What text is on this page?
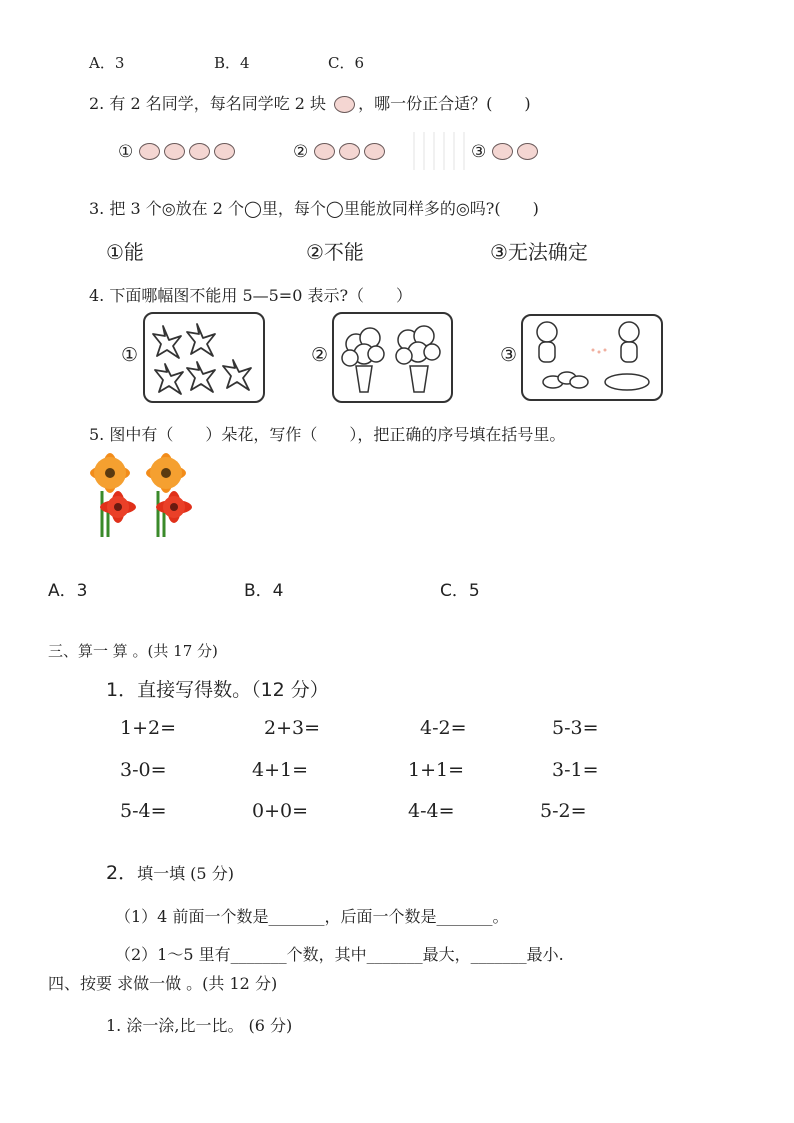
A．3	B．4	C．6
2. 有 2 名同学，每名同学吃 2 块 ，哪一份正合适？(　　)
①	②	③
3. 把 3 个◎放在 2 个◯里，每个◯里能放同样多的◎吗?(　　)
①能	②不能	③无法确定
4. 下面哪幅图不能用 5—5=0 表示?（　　）
①	②	③
5. 图中有（　　）朵花，写作（　　），把正确的序号填在括号里。
A．3	B．4	C．5
三、算一 算 。(共 17 分)
1．直接写得数。（12 分）
1+2=	2+3=	4-2=	5-3=
3-0=	4+1=	1+1=	3-1=
5-4=	0+0=	4-4=	5-2=
2．填一填 (5 分)
（1）4 前面一个数是_______，后面一个数是_______。
（2）1～5 里有_______个数，其中_______最大，_______最小.
四、按要 求做一做 。(共 12 分)
1. 涂一涂,比一比。 (6 分)
